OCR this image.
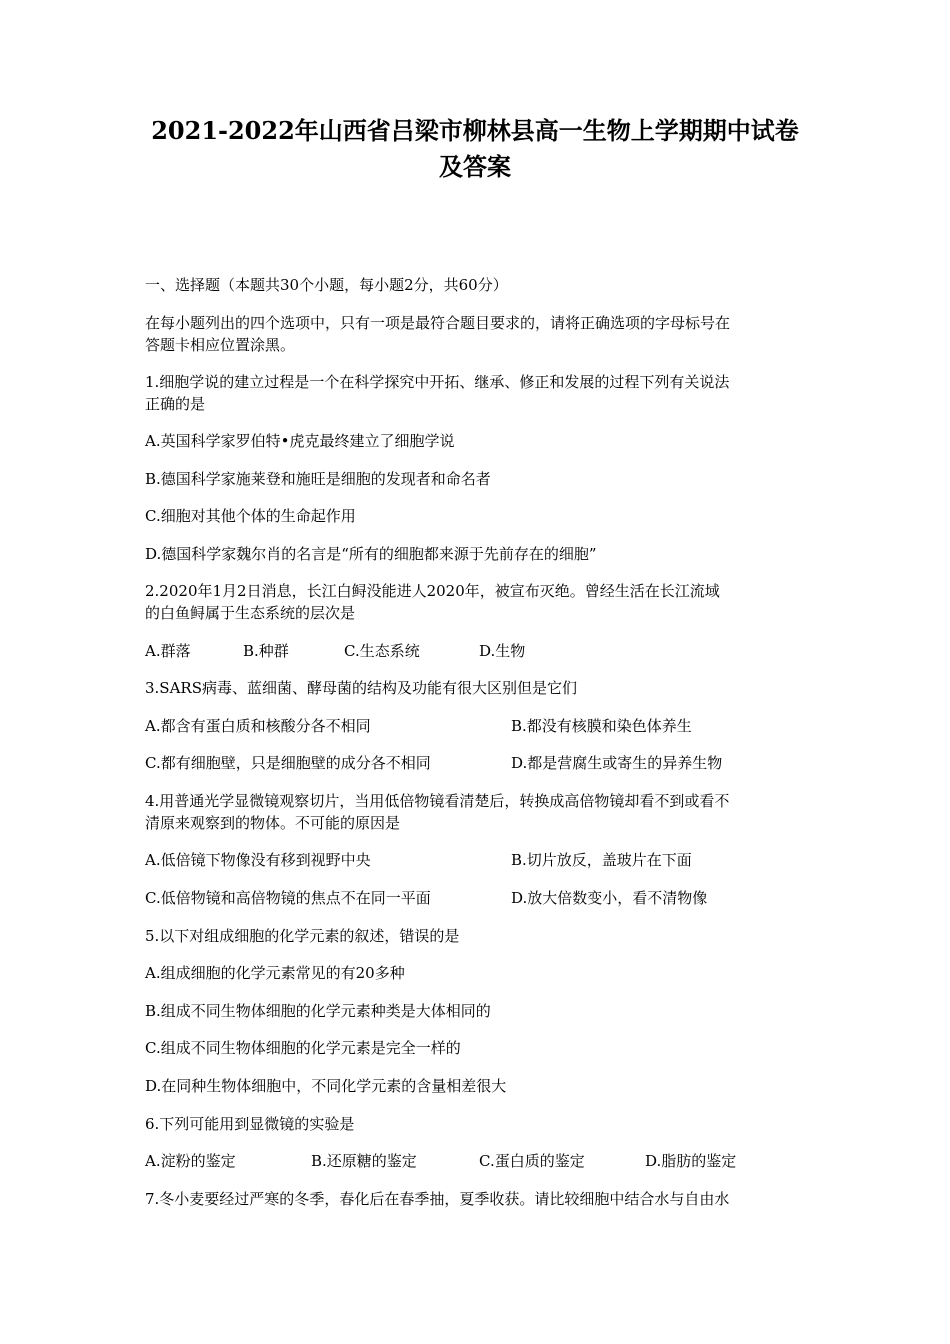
2021-2022年山西省吕梁市柳林县高一生物上学期期中试卷
及答案
一、选择题（本题共30个小题，每小题2分，共60分）
在每小题列出的四个选项中，只有一项是最符合题目要求的，请将正确选项的字母标号在
答题卡相应位置涂黑。
1.细胞学说的建立过程是一个在科学探究中开拓、继承、修正和发展的过程下列有关说法
正确的是
A.英国科学家罗伯特•虎克最终建立了细胞学说
B.德国科学家施莱登和施旺是细胞的发现者和命名者
C.细胞对其他个体的生命起作用
D.德国科学家魏尔肖的名言是“所有的细胞都来源于先前存在的细胞”
2.2020年1月2日消息，长江白鲟没能进人2020年，被宣布灭绝。曾经生活在长江流域
的白鱼鲟属于生态系统的层次是
A.群落	B.种群	C.生态系统	D.生物
3.SARS病毒、蓝细菌、酵母菌的结构及功能有很大区别但是它们
A.都含有蛋白质和核酸分各不相同	B.都没有核膜和染色体养生
C.都有细胞壁，只是细胞壁的成分各不相同	D.都是营腐生或寄生的异养生物
4.用普通光学显微镜观察切片，当用低倍物镜看清楚后，转换成高倍物镜却看不到或看不
清原来观察到的物体。不可能的原因是
A.低倍镜下物像没有移到视野中央	B.切片放反，盖玻片在下面
C.低倍物镜和高倍物镜的焦点不在同一平面	D.放大倍数变小，看不清物像
5.以下对组成细胞的化学元素的叙述，错误的是
A.组成细胞的化学元素常见的有20多种
B.组成不同生物体细胞的化学元素种类是大体相同的
C.组成不同生物体细胞的化学元素是完全一样的
D.在同种生物体细胞中，不同化学元素的含量相差很大
6.下列可能用到显微镜的实验是
A.淀粉的鉴定	B.还原糖的鉴定	C.蛋白质的鉴定	D.脂肪的鉴定
7.冬小麦要经过严寒的冬季，春化后在春季抽，夏季收获。请比较细胞中结合水与自由水
